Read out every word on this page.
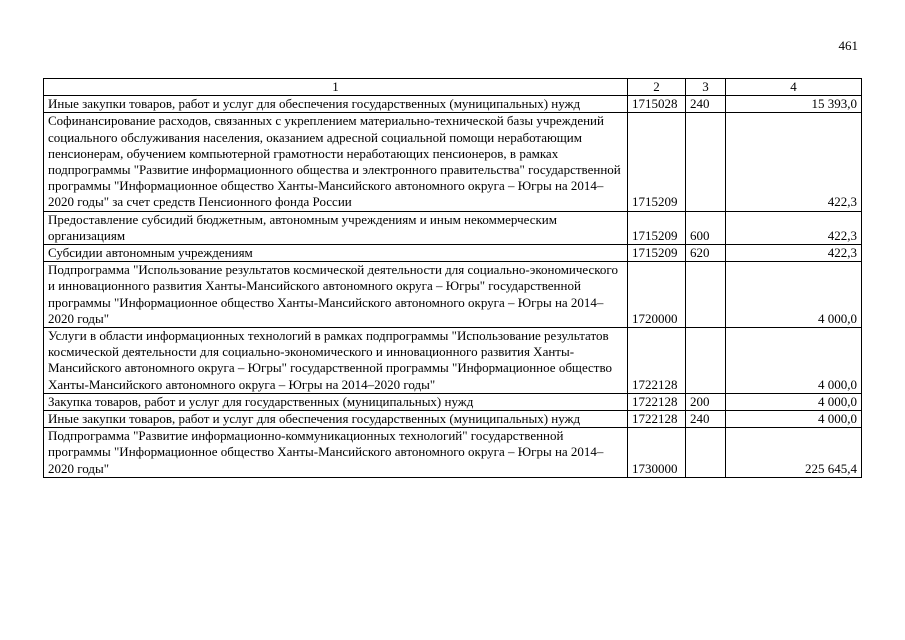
461
1	2	3	4
Иные закупки товаров, работ и услуг для обеспечения государственных (муниципальных) нужд	1715028	240	15 393,0
Софинансирование расходов, связанных с укреплением материально-технической базы учреждений социального обслуживания населения, оказанием адресной социальной помощи неработающим пенсионерам, обучением компьютерной грамотности неработающих пенсионеров, в рамках подпрограммы "Развитие информационного общества и электронного правительства" государственной программы "Информационное общество Ханты-Мансийского автономного округа – Югры на 2014–2020 годы" за счет средств Пенсионного фонда России	1715209		422,3
Предоставление субсидий бюджетным, автономным учреждениям и иным некоммерческим организациям	1715209	600	422,3
Субсидии автономным учреждениям	1715209	620	422,3
Подпрограмма "Использование результатов космической деятельности для социально-экономического и инновационного развития Ханты-Мансийского автономного округа – Югры" государственной программы "Информационное общество Ханты-Мансийского автономного округа – Югры на 2014–2020 годы"	1720000		4 000,0
Услуги в области информационных технологий в рамках подпрограммы "Использование результатов космической деятельности для социально-экономического и инновационного развития Ханты-Мансийского автономного округа – Югры" государственной программы "Информационное общество Ханты-Мансийского автономного округа – Югры на 2014–2020 годы"	1722128		4 000,0
Закупка товаров, работ и услуг для государственных (муниципальных) нужд	1722128	200	4 000,0
Иные закупки товаров, работ и услуг для обеспечения государственных (муниципальных) нужд	1722128	240	4 000,0
Подпрограмма "Развитие информационно-коммуникационных технологий" государственной программы "Информационное общество Ханты-Мансийского автономного округа – Югры на 2014–2020 годы"	1730000		225 645,4
